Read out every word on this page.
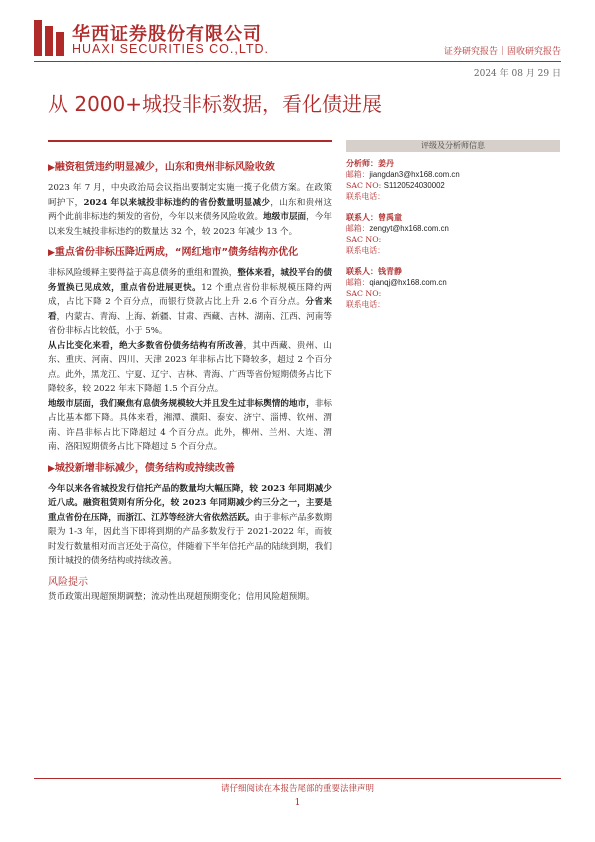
华西证券股份有限公司
HUAXI SECURITIES CO.,LTD.	证券研究报告｜固收研究报告
2024 年 08 月 29 日
从 2000+城投非标数据，看化债进展
▶融资租赁违约明显减少，山东和贵州非标风险收敛
2023 年 7 月，中央政治局会议指出要制定实施一揽子化债方案。在政策呵护下，2024 年以来城投非标违约的省份数量明显减少，山东和贵州这两个此前非标违约频发的省份，今年以来债务风险收敛。地级市层面，今年以来发生城投非标违约的数量达 32 个，较 2023 年减少 13 个。
▶重点省份非标压降近两成，“网红地市”债务结构亦优化
非标风险缓释主要得益于高息债务的重组和置换，整体来看，城投平台的债务置换已见成效，重点省份进展更快。12 个重点省份非标规模压降约两成，占比下降 2 个百分点，而银行贷款占比上升 2.6 个百分点。分省来看，内蒙古、青海、上海、新疆、甘肃、西藏、吉林、湖南、江西、河南等省份非标占比较低，小于 5%。
从占比变化来看，绝大多数省份债务结构有所改善，其中西藏、贵州、山东、重庆、河南、四川、天津 2023 年非标占比下降较多，超过 2 个百分点。此外，黑龙江、宁夏、辽宁、吉林、青海、广西等省份短期债务占比下降较多，较 2022 年末下降超 1.5 个百分点。
地级市层面，我们聚焦有息债务规模较大并且发生过非标舆情的地市，非标占比基本都下降。具体来看，湘潭、濮阳、泰安、济宁、淄博、钦州、渭南、许昌非标占比下降超过 4 个百分点。此外，柳州、兰州、大连、渭南、洛阳短期债务占比下降超过 5 个百分点。
▶城投新增非标减少，债务结构或持续改善
今年以来各省城投发行信托产品的数量均大幅压降，较 2023 年同期减少近八成。融资租赁则有所分化，较 2023 年同期减少约三分之一，主要是重点省份在压降，而浙江、江苏等经济大省依然活跃。由于非标产品多数期限为 1-3 年，因此当下即将到期的产品多数发行于 2021-2022 年，而彼时发行数量相对而言还处于高位，伴随着下半年信托产品的陆续到期，我们预计城投的债务结构或持续改善。
风险提示
货币政策出现超预期调整；流动性出现超预期变化；信用风险超预期。
评级及分析师信息
分析师：姜丹
邮箱：jiangdan3@hx168.com.cn
SAC NO: S1120524030002
联系电话：
联系人：曾禹童
邮箱：zengyt@hx168.com.cn
SAC NO:
联系电话：
联系人：钱青静
邮箱：qianqj@hx168.com.cn
SAC NO:
联系电话：
请仔细阅读在本报告尾部的重要法律声明
1
